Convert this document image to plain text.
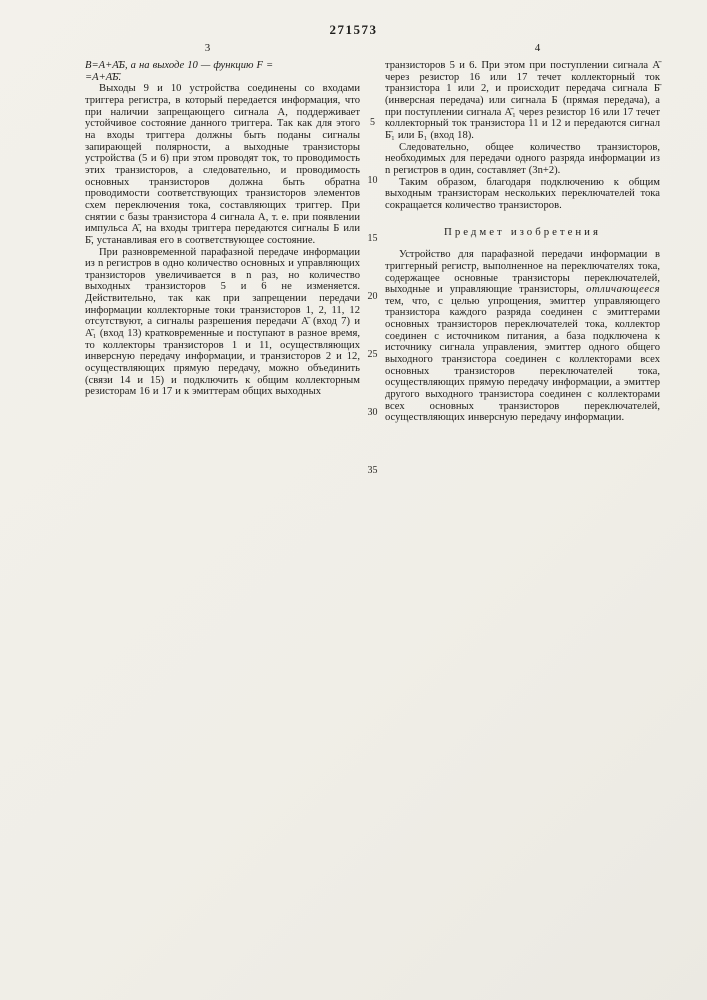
271573
3	4

В=А+А̄Б, а на выходе 10 — функцию F =

=А+А̄Б̄.

Выходы 9 и 10 устройства соединены со входами триггера регистра, в который передается информация, что при наличии запрещающего сигнала А, поддерживает устойчивое состояние данного триггера. Так как для этого на входы триггера должны быть поданы сигналы запирающей полярности, а выходные транзисторы устройства (5 и 6) при этом проводят ток, то проводимость этих транзисторов, а следовательно, и проводимость основных транзисторов должна быть обратна проводимости соответствующих транзисторов элементов схем переключения тока, составляющих триггер. При снятии с базы транзистора 4 сигнала А, т. е. при появлении импульса А̄, на входы триггера передаются сигналы Б или Б̄, устанавливая его в соответствующее состояние.

При разновременной парафазной передаче информации из n регистров в одно количество основных и управляющих транзисторов увеличивается в n раз, но количество выходных транзисторов 5 и 6 не изменяется. Действительно, так как при запрещении передачи информации коллекторные токи транзисторов 1, 2, 11, 12 отсутствуют, а сигналы разрешения передачи А̄ (вход 7) и А̄₁ (вход 13) кратковременные и поступают в разное время, то коллекторы транзисторов 1 и 11, осуществляющих инверсную передачу информации, и транзисторов 2 и 12, осуществляющих прямую передачу, можно объединить (связи 14 и 15) и подключить к общим коллекторным резисторам 16 и 17 и к эмиттерам общих выходных

5
10
15
20
25
30
35

транзисторов 5 и 6. При этом при поступлении сигнала А̄ через резистор 16 или 17 течет коллекторный ток транзистора 1 или 2, и происходит передача сигнала Б̄ (инверсная передача) или сигнала Б (прямая передача), а при поступлении сигнала А̄₁ через резистор 16 или 17 течет коллекторный ток транзистора 11 и 12 и передаются сигнал Б̄₁ или Б₁ (вход 18).

Следовательно, общее количество транзисторов, необходимых для передачи одного разряда информации из n регистров в один, составляет (3n+2).

Таким образом, благодаря подключению к общим выходным транзисторам нескольких переключателей тока сокращается количество транзисторов.

Предмет изобретения

Устройство для парафазной передачи информации в триггерный регистр, выполненное на переключателях тока, содержащее основные транзисторы переключателей, выходные и управляющие транзисторы, отличающееся тем, что, с целью упрощения, эмиттер управляющего транзистора каждого разряда соединен с эмиттерами основных транзисторов переключателей тока, коллектор соединен с источником питания, а база подключена к источнику сигнала управления, эмиттер одного общего выходного транзистора соединен с коллекторами всех основных транзисторов переключателей тока, осуществляющих прямую передачу информации, а эмиттер другого выходного транзистора соединен с коллекторами всех основных транзисторов переключателей, осуществляющих инверсную передачу информации.
